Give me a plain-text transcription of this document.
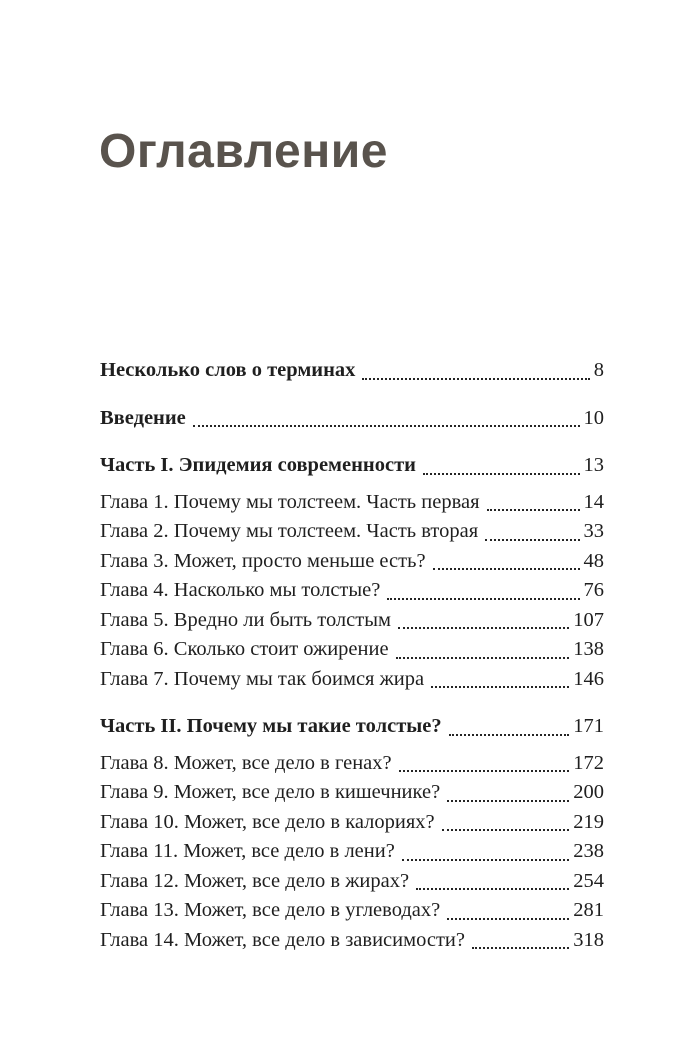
Оглавление
Несколько слов о терминах	8
Введение	10
Часть I. Эпидемия современности	13
Глава 1. Почему мы толстеем. Часть первая	14
Глава 2. Почему мы толстеем. Часть вторая	33
Глава 3. Может, просто меньше есть?	48
Глава 4. Насколько мы толстые?	76
Глава 5. Вредно ли быть толстым	107
Глава 6. Сколько стоит ожирение	138
Глава 7. Почему мы так боимся жира	146
Часть II. Почему мы такие толстые?	171
Глава 8. Может, все дело в генах?	172
Глава 9. Может, все дело в кишечнике?	200
Глава 10. Может, все дело в калориях?	219
Глава 11. Может, все дело в лени?	238
Глава 12. Может, все дело в жирах?	254
Глава 13. Может, все дело в углеводах?	281
Глава 14. Может, все дело в зависимости?	318
